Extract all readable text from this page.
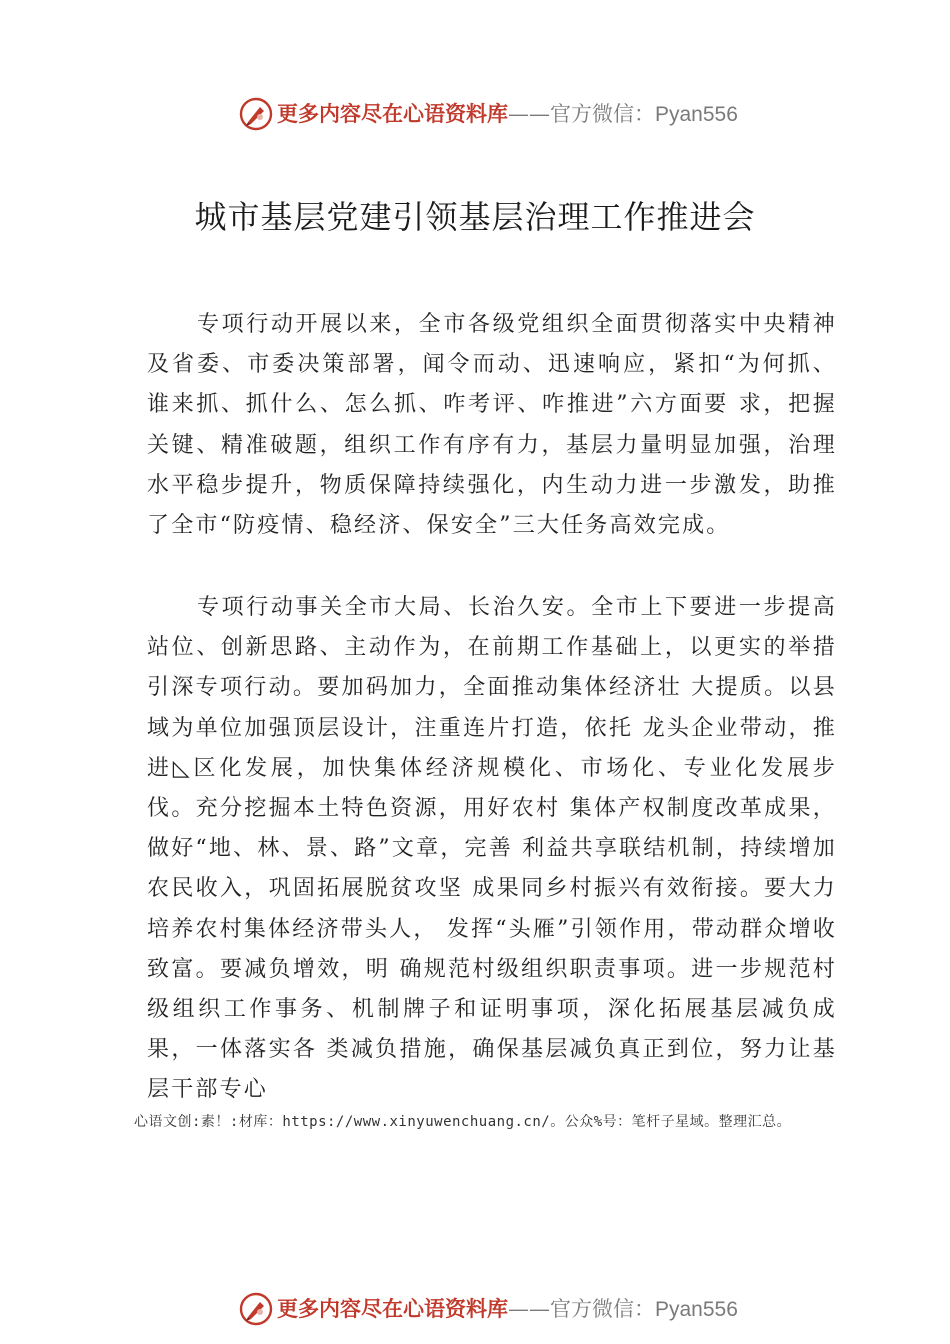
更多内容尽在心语资料库——官方微信：Pyan556
城市基层党建引领基层治理工作推进会
专项行动开展以来，全市各级党组织全面贯彻落实中央精神及省委、市委决策部署，闻令而动、迅速响应，紧扣“为何抓、谁来抓、抓什么、怎么抓、咋考评、咋推进”六方面要 求，把握关键、精准破题，组织工作有序有力，基层力量明显加强，治理水平稳步提升，物质保障持续强化，内生动力进一步激发，助推了全市“防疫情、稳经济、保安全”三大任务高效完成。
专项行动事关全市大局、长治久安。全市上下要进一步提高站位、创新思路、主动作为，在前期工作基础上，以更实的举措引深专项行动。要加码加力，全面推动集体经济壮 大提质。以县域为单位加强顶层设计，注重连片打造，依托 龙头企业带动，推进◺区化发展，加快集体经济规模化、市场化、专业化发展步伐。充分挖掘本土特色资源，用好农村 集体产权制度改革成果，做好“地、林、景、路”文章，完善 利益共享联结机制，持续增加农民收入，巩固拓展脱贫攻坚 成果同乡村振兴有效衔接。要大力培养农村集体经济带头人， 发挥“头雁”引领作用，带动群众增收致富。要减负增效，明 确规范村级组织职责事项。进一步规范村级组织工作事务、机制牌子和证明事项，深化拓展基层减负成果，一体落实各 类减负措施，确保基层减负真正到位，努力让基层干部专心
心语文创:素！:材库：https://www.xinyuwenchuang.cn/。公众%号：笔杆子星域。整理汇总。
更多内容尽在心语资料库——官方微信：Pyan556
